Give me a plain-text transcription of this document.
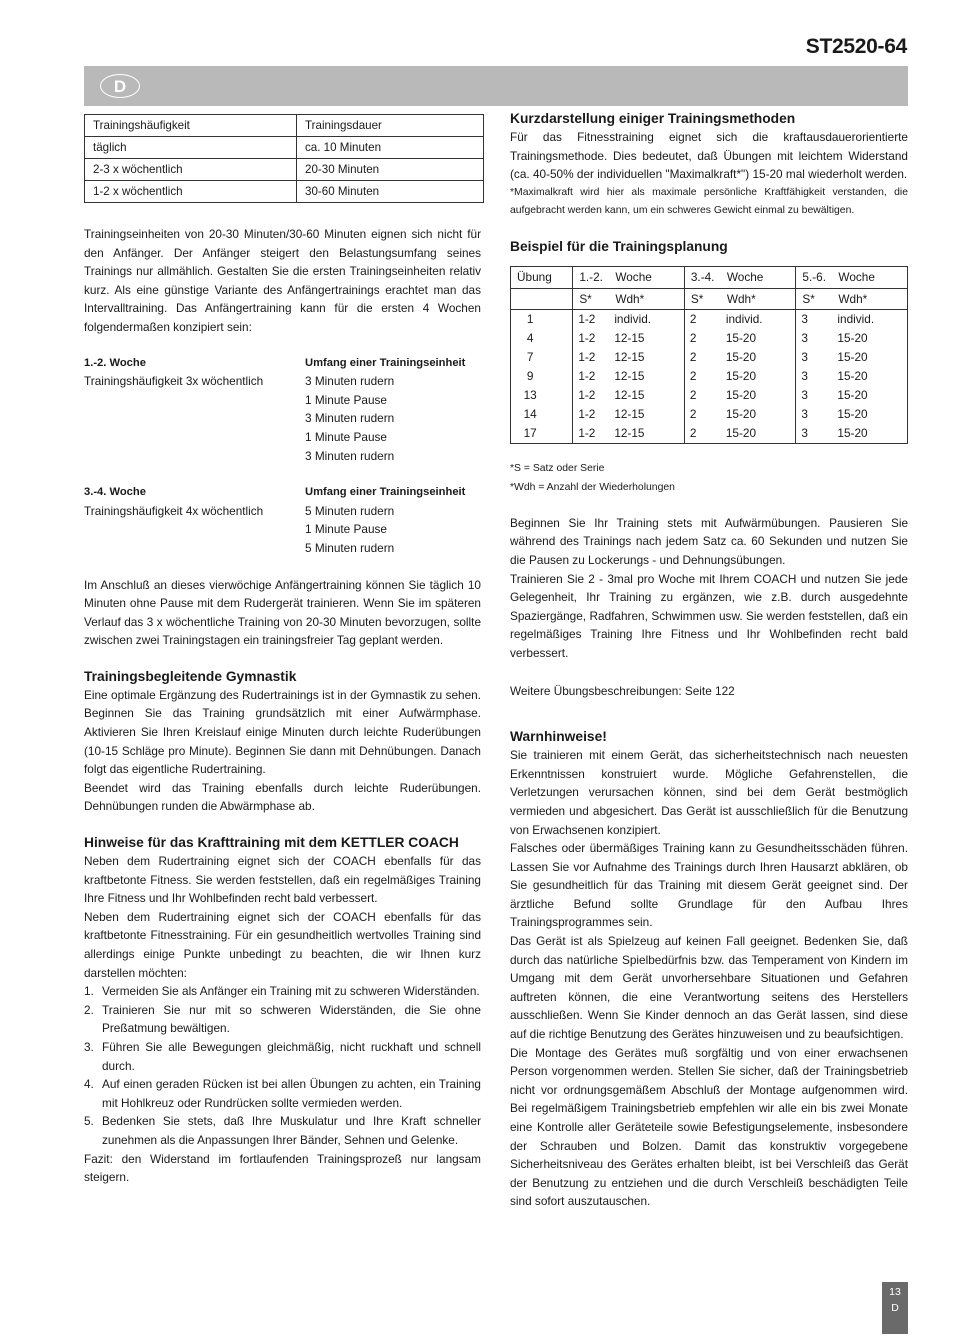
ST2520-64
D
Trainingshäufigkeit	Trainingsdauer
täglich	ca. 10 Minuten
2-3 x wöchentlich	20-30 Minuten
1-2 x wöchentlich	30-60 Minuten

Trainingseinheiten von 20-30 Minuten/30-60 Minuten eignen sich nicht für den Anfänger. Der Anfänger steigert den Belastungsumfang seines Trainings nur allmählich. Gestalten Sie die ersten Trainingseinheiten relativ kurz. Als eine günstige Variante des Anfängertrainings erachtet man das Intervalltraining. Das Anfängertraining kann für die ersten 4 Wochen folgendermaßen konzipiert sein:

1.-2. Woche	Umfang einer Trainingseinheit
Trainingshäufigkeit 3x wöchentlich	3 Minuten rudern
1 Minute Pause
3 Minuten rudern
1 Minute Pause
3 Minuten rudern
3.-4. Woche	Umfang einer Trainingseinheit
Trainingshäufigkeit 4x wöchentlich	5 Minuten rudern
1 Minute Pause
5 Minuten rudern

Im Anschluß an dieses vierwöchige Anfängertraining können Sie täglich 10 Minuten ohne Pause mit dem Rudergerät trainieren. Wenn Sie im späteren Verlauf das 3 x wöchentliche Training von 20-30 Minuten bevorzugen, sollte zwischen zwei Trainingstagen ein trainingsfreier Tag geplant werden.

Trainingsbegleitende Gymnastik

Eine optimale Ergänzung des Rudertrainings ist in der Gymnastik zu sehen. Beginnen Sie das Training grundsätzlich mit einer Aufwärmphase. Aktivieren Sie Ihren Kreislauf einige Minuten durch leichte Ruderübungen (10-15 Schläge pro Minute). Beginnen Sie dann mit Dehnübungen. Danach folgt das eigentliche Rudertraining.

Beendet wird das Training ebenfalls durch leichte Ruderübungen. Dehnübungen runden die Abwärmphase ab.

Hinweise für das Krafttraining mit dem KETTLER COACH

Neben dem Rudertraining eignet sich der COACH ebenfalls für das kraftbetonte Fitness. Sie werden feststellen, daß ein regelmäßiges Training Ihre Fitness und Ihr Wohlbefinden recht bald verbessert.

Neben dem Rudertraining eignet sich der COACH ebenfalls für das kraftbetonte Fitnesstraining. Für ein gesundheitlich wertvolles Training sind allerdings einige Punkte unbedingt zu beachten, die wir Ihnen kurz darstellen möchten:

1. Vermeiden Sie als Anfänger ein Training mit zu schweren Widerständen.
2. Trainieren Sie nur mit so schweren Widerständen, die Sie ohne Preßatmung bewältigen.
3. Führen Sie alle Bewegungen gleichmäßig, nicht ruckhaft und schnell durch.
4. Auf einen geraden Rücken ist bei allen Übungen zu achten, ein Training mit Hohlkreuz oder Rundrücken sollte vermieden werden.
5. Bedenken Sie stets, daß Ihre Muskulatur und Ihre Kraft schneller zunehmen als die Anpassungen Ihrer Bänder, Sehnen und Gelenke.

Fazit: den Widerstand im fortlaufenden Trainingsprozeß nur langsam steigern.

Kurzdarstellung einiger Trainingsmethoden

Für das Fitnesstraining eignet sich die kraftausdauerorientierte Trainingsmethode. Dies bedeutet, daß Übungen mit leichtem Widerstand (ca. 40-50% der individuellen "Maximalkraft*") 15-20 mal wiederholt werden.

*Maximalkraft wird hier als maximale persönliche Kraftfähigkeit verstanden, die aufgebracht werden kann, um ein schweres Gewicht einmal zu bewältigen.

Beispiel für die Trainingsplanung
Übung	1.-2. Woche	3.-4. Woche	5.-6. Woche

	S* Wdh*	S* Wdh*	S* Wdh*

1	1-2 individ.	2 individ.	3 individ.

4	1-2 12-15	2 15-20	3 15-20

7	1-2 12-15	2 15-20	3 15-20

9	1-2 12-15	2 15-20	3 15-20

13	1-2 12-15	2 15-20	3 15-20

14	1-2 12-15	2 15-20	3 15-20

17	1-2 12-15	2 15-20	3 15-20
*S = Satz oder Serie
*Wdh = Anzahl der Wiederholungen

Beginnen Sie Ihr Training stets mit Aufwärmübungen. Pausieren Sie während des Trainings nach jedem Satz ca. 60 Sekunden und nutzen Sie die Pausen zu Lockerungs - und Dehnungsübungen.

Trainieren Sie 2 - 3mal pro Woche mit Ihrem COACH und nutzen Sie jede Gelegenheit, Ihr Training zu ergänzen, wie z.B. durch ausgedehnte Spaziergänge, Radfahren, Schwimmen usw. Sie werden feststellen, daß ein regelmäßiges Training Ihre Fitness und Ihr Wohlbefinden recht bald verbessert.

Weitere Übungsbeschreibungen: Seite 122

Warnhinweise!

Sie trainieren mit einem Gerät, das sicherheitstechnisch nach neuesten Erkenntnissen konstruiert wurde. Mögliche Gefahrenstellen, die Verletzungen verursachen können, sind bei dem Gerät bestmöglich vermieden und abgesichert. Das Gerät ist ausschließlich für die Benutzung von Erwachsenen konzipiert.

Falsches oder übermäßiges Training kann zu Gesundheitsschäden führen. Lassen Sie vor Aufnahme des Trainings durch Ihren Hausarzt abklären, ob Sie gesundheitlich für das Training mit diesem Gerät geeignet sind. Der ärztliche Befund sollte Grundlage für den Aufbau Ihres Trainingsprogrammes sein.

Das Gerät ist als Spielzeug auf keinen Fall geeignet. Bedenken Sie, daß durch das natürliche Spielbedürfnis bzw. das Temperament von Kindern im Umgang mit dem Gerät unvorhersehbare Situationen und Gefahren auftreten können, die eine Verantwortung seitens des Herstellers ausschließen. Wenn Sie Kinder dennoch an das Gerät lassen, sind diese auf die richtige Benutzung des Gerätes hinzuweisen und zu beaufsichtigen.

Die Montage des Gerätes muß sorgfältig und von einer erwachsenen Person vorgenommen werden. Stellen Sie sicher, daß der Trainingsbetrieb nicht vor ordnungsgemäßem Abschluß der Montage aufgenommen wird. Bei regelmäßigem Trainingsbetrieb empfehlen wir alle ein bis zwei Monate eine Kontrolle aller Geräteteile sowie Befestigungselemente, insbesondere der Schrauben und Bolzen. Damit das konstruktiv vorgegebene Sicherheitsniveau des Gerätes erhalten bleibt, ist bei Verschleiß das Gerät der Benutzung zu entziehen und die durch Verschleiß beschädigten Teile sind sofort auszutauschen.

13
D
